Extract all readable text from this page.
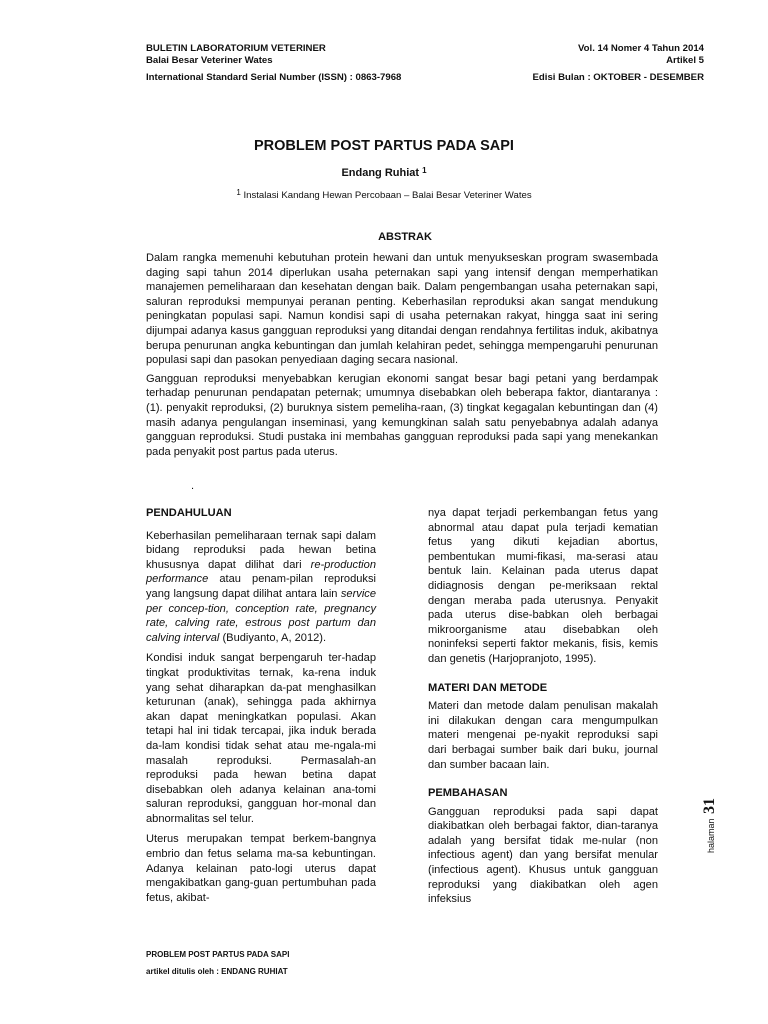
BULETIN LABORATORIUM VETERINER
Balai Besar Veteriner Wates
Vol. 14 Nomer 4 Tahun 2014
Artikel 5
International Standard Serial Number (ISSN) : 0863-7968	Edisi Bulan : OKTOBER - DESEMBER
PROBLEM POST PARTUS PADA SAPI
Endang Ruhiat $^1$
$^1$ Instalasi Kandang Hewan Percobaan – Balai Besar Veteriner Wates
ABSTRAK

Dalam rangka memenuhi kebutuhan protein hewani dan untuk menyukseskan program swasembada daging sapi tahun 2014 diperlukan usaha peternakan sapi yang intensif dengan memperhatikan manajemen pemeliharaan dan kesehatan dengan baik. Dalam pengembangan usaha peternakan sapi, saluran reproduksi mempunyai peranan penting. Keberhasilan reproduksi akan sangat mendukung peningkatan populasi sapi. Namun kondisi sapi di usaha peternakan rakyat, hingga saat ini sering dijumpai adanya kasus gangguan reproduksi yang ditandai dengan rendahnya fertilitas induk, akibatnya berupa penurunan angka kebuntingan dan jumlah kelahiran pedet, sehingga mempengaruhi penurunan populasi sapi dan pasokan penyediaan daging secara nasional.

Gangguan reproduksi menyebabkan kerugian ekonomi sangat besar bagi petani yang berdampak terhadap penurunan pendapatan peternak; umumnya disebabkan oleh beberapa faktor, diantaranya : (1). penyakit reproduksi, (2) buruknya sistem pemeliha-raan, (3) tingkat kegagalan kebuntingan dan (4) masih adanya pengulangan inseminasi, yang kemungkinan salah satu penyebabnya adalah adanya gangguan reproduksi. Studi pustaka ini membahas gangguan reproduksi pada sapi yang menekankan pada penyakit post partus pada uterus.

.
PENDAHULUAN

Keberhasilan pemeliharaan ternak sapi dalam bidang reproduksi pada hewan betina khususnya dapat dilihat dari re-production performance atau penam-pilan reproduksi yang langsung dapat dilihat antara lain service per concep-tion, conception rate, pregnancy rate, calving rate, estrous post partum dan calving interval (Budiyanto, A, 2012).

Kondisi induk sangat berpengaruh ter-hadap tingkat produktivitas ternak, ka-rena induk yang sehat diharapkan da-pat menghasilkan keturunan (anak), sehingga pada akhirnya akan dapat meningkatkan populasi. Akan tetapi hal ini tidak tercapai, jika induk berada da-lam kondisi tidak sehat atau me-ngala-mi masalah reproduksi. Permasalah-an reproduksi pada hewan betina dapat disebabkan oleh adanya kelainan ana-tomi saluran reproduksi, gangguan hor-monal dan abnormalitas sel telur.

Uterus merupakan tempat berkem-bangnya embrio dan fetus selama ma-sa kebuntingan. Adanya kelainan pato-logi uterus dapat mengakibatkan gang-guan pertumbuhan pada fetus, akibat-

nya dapat terjadi perkembangan fetus yang abnormal atau dapat pula terjadi kematian fetus yang dikuti kejadian abortus, pembentukan mumi-fikasi, ma-serasi atau bentuk lain. Kelainan pada uterus dapat didiagnosis dengan pe-meriksaan rektal dengan meraba pada uterusnya. Penyakit pada uterus dise-babkan oleh berbagai mikroorganisme atau disebabkan oleh noninfeksi seperti faktor mekanis, fisis, kemis dan genetis (Harjopranjoto, 1995).

MATERI DAN METODE

Materi dan metode dalam penulisan makalah ini dilakukan dengan cara mengumpulkan materi mengenai pe-nyakit reproduksi sapi dari berbagai sumber baik dari buku, journal dan sumber bacaan lain.

PEMBAHASAN

Gangguan reproduksi pada sapi dapat diakibatkan oleh berbagai faktor, dian-taranya adalah yang bersifat tidak me-nular (non infectious agent) dan yang bersifat menular (infectious agent). Khusus untuk gangguan reproduksi yang diakibatkan oleh agen infeksius

halaman 31
PROBLEM POST PARTUS PADA SAPI
artikel ditulis oleh : ENDANG RUHIAT
